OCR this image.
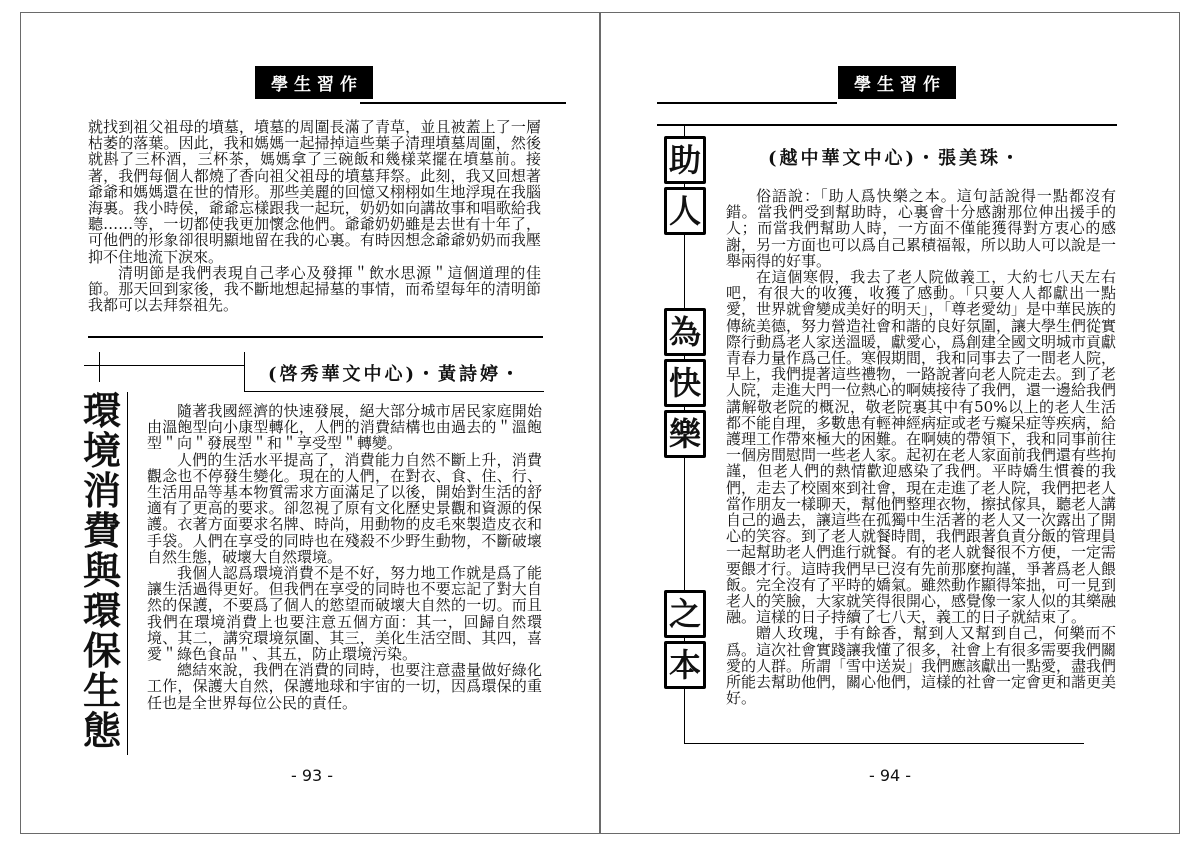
學生習作

就找到祖父祖母的墳墓，墳墓的周圍長滿了青草，並且被蓋上了一層枯萎的落葉。因此，我和媽媽一起掃掉這些葉子清理墳墓周圍，然後就斟了三杯酒，三杯茶，媽媽拿了三碗飯和幾樣菜擺在墳墓前。接著，我們每個人都燒了香向祖父祖母的墳墓拜祭。此刻，我又回想著爺爺和媽媽還在世的情形。那些美麗的回憶又栩栩如生地浮現在我腦海裏。我小時侯，爺爺忘樣跟我一起玩，奶奶如向講故事和唱歌給我聽……等，一切都使我更加懷念他們。爺爺奶奶雖是去世有十年了，可他們的形象卻很明顯地留在我的心裏。有時因想念爺爺奶奶而我壓抑不住地流下淚來。

清明節是我們表現自己孝心及發揮＂飲水思源＂這個道理的佳節。那天回到家後，我不斷地想起掃墓的事情，而希望每年的清明節我都可以去拜祭祖先。

(啓秀華文中心)・黃詩婷・
環
境
消
費
與
環
保
生
態

隨著我國經濟的快速發展，絕大部分城市居民家庭開始由溫飽型向小康型轉化，人們的消費結構也由過去的＂溫飽型＂向＂發展型＂和＂享受型＂轉變。

人們的生活水平提高了，消費能力自然不斷上升，消費觀念也不停發生變化。現在的人們，在對衣、食、住、行、生活用品等基本物質需求方面滿足了以後，開始對生活的舒適有了更高的要求。卻忽視了原有文化歷史景觀和資源的保護。衣著方面要求名牌、時尚，用動物的皮毛來製造皮衣和手袋。人們在享受的同時也在殘殺不少野生動物，不斷破壞自然生態，破壞大自然環境。

我個人認爲環境消費不是不好，努力地工作就是爲了能讓生活過得更好。但我們在享受的同時也不要忘記了對大自然的保護，不要爲了個人的慾望而破壞大自然的一切。而且我們在環境消費上也要注意五個方面：其一，回歸自然環境、其二，講究環境氛圍、其三，美化生活空間、其四，喜愛＂綠色食品＂、其五，防止環境污染。

總結來說，我們在消費的同時，也要注意盡量做好綠化工作，保護大自然，保護地球和宇宙的一切，因爲環保的重任也是全世界每位公民的責任。

- 93 -
學生習作
(越中華文中心)・張美珠・
助
人
為
快
樂
之
本

俗語說：「助人爲快樂之本。這句話說得一點都沒有錯。當我們受到幫助時，心裏會十分感謝那位伸出援手的人；而當我們幫助人時，一方面不僅能獲得對方衷心的感謝，另一方面也可以爲自己累積福報，所以助人可以說是一舉兩得的好事。

在這個寒假，我去了老人院做義工，大約七八天左右吧，有很大的收獲，收獲了感動。「只要人人都獻出一點愛，世界就會變成美好的明天」，「尊老愛幼」是中華民族的傳統美德，努力營造社會和諧的良好氛圍，讓大學生們從實際行動爲老人家送溫暖，獻愛心，爲創建全國文明城市貢獻青春力量作爲己任。寒假期間，我和同事去了一間老人院，早上，我們提著這些禮物，一路說著向老人院走去。到了老人院，走進大門一位熱心的啊姨接待了我們，還一邊給我們講解敬老院的概況，敬老院裏其中有50%以上的老人生活都不能自理，多數患有輕神經病症或老亐癡呆症等疾病，給護理工作帶來極大的困難。在啊姨的帶領下，我和同事前往一個房間慰問一些老人家。起初在老人家面前我們還有些拘謹，但老人們的熱情歡迎感染了我們。平時嬌生慣養的我們，走去了校園來到社會，現在走進了老人院，我們把老人當作朋友一樣聊天，幫他們整理衣物，擦拭傢具，聽老人講自己的過去，讓這些在孤獨中生活著的老人又一次露出了開心的笑容。到了老人就餐時間，我們跟著負責分飯的管理員一起幫助老人們進行就餐。有的老人就餐很不方便，一定需要餵才行。這時我們早已沒有先前那麼拘謹，爭著爲老人餵飯。完全沒有了平時的嬌氣。雖然動作顯得笨拙，可一見到老人的笑臉，大家就笑得很開心，感覺像一家人似的其樂融融。這樣的日子持續了七八天，義工的日子就結束了。

贈人玫瑰，手有餘香，幫到人又幫到自己，何樂而不爲。這次社會實踐讓我懂了很多，社會上有很多需要我們關愛的人群。所謂「雪中送炭」我們應該獻出一點愛，盡我們所能去幫助他們，關心他們，這樣的社會一定會更和諧更美好。

- 94 -
